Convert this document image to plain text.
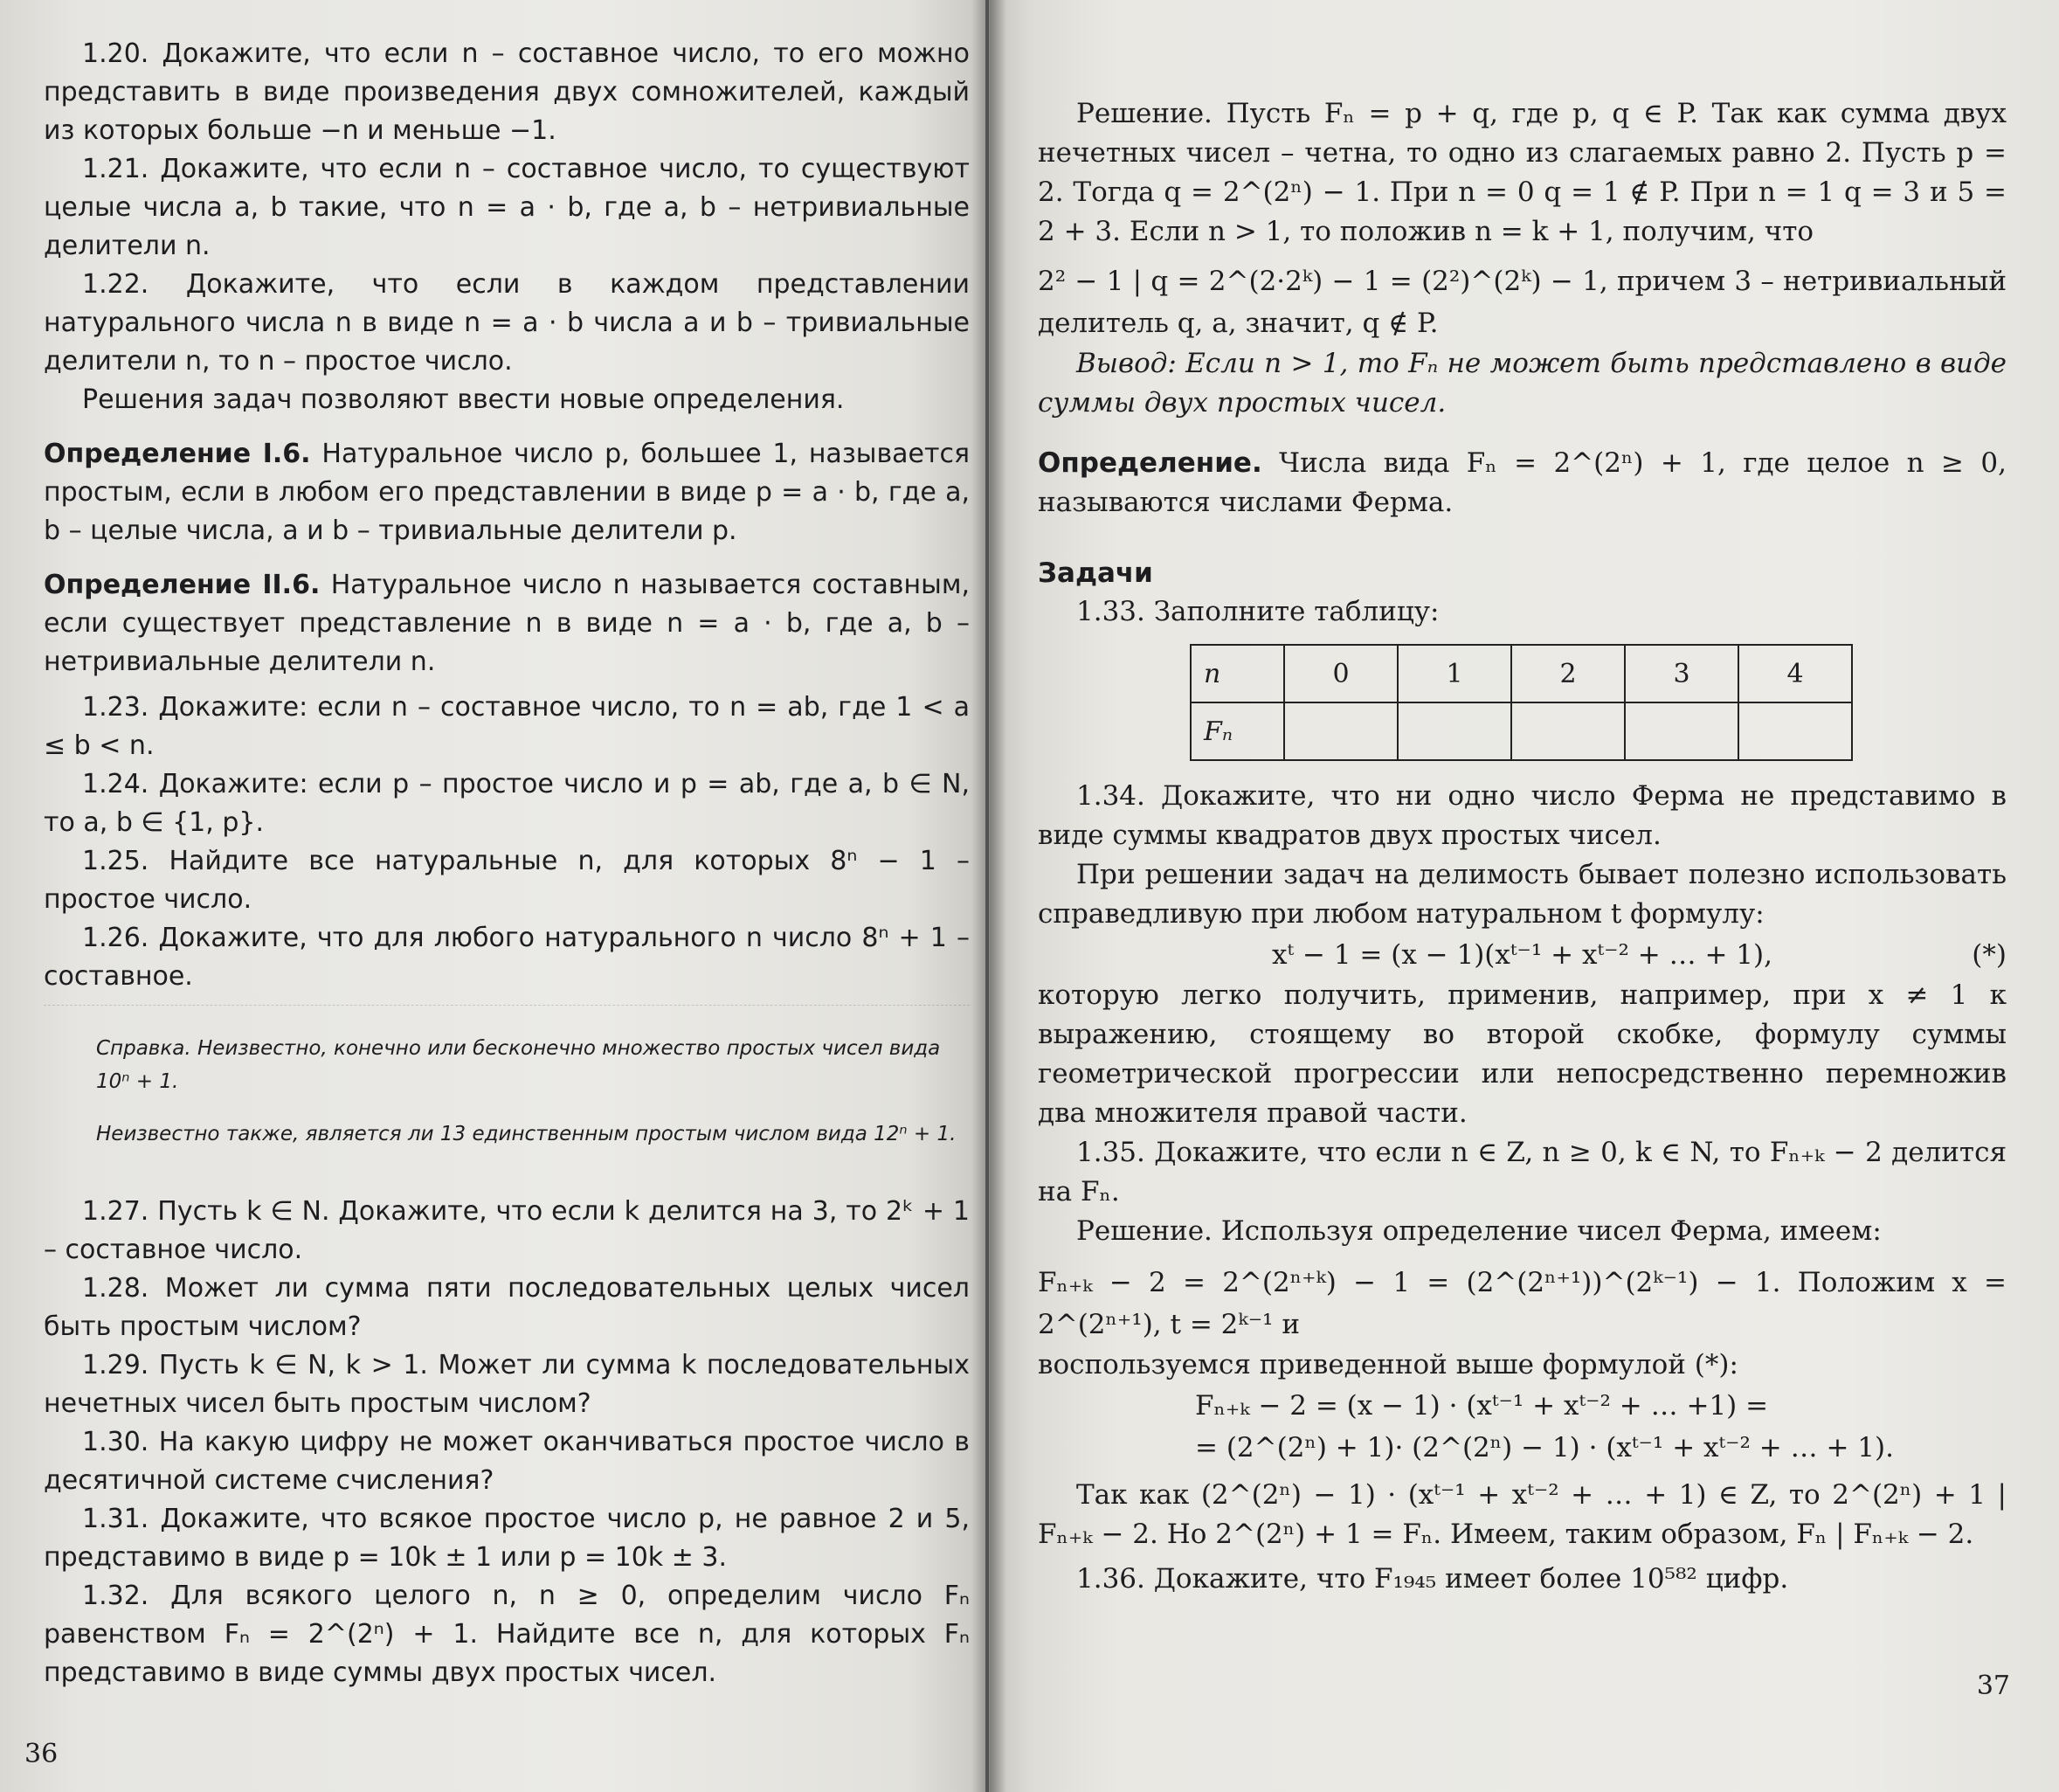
1.20. Докажите, что если n – составное число, то его можно представить в виде произведения двух сомножителей, каждый из которых больше −n и меньше −1.

1.21. Докажите, что если n – составное число, то существуют целые числа a, b такие, что n = a · b, где a, b – нетривиальные делители n.

1.22. Докажите, что если в каждом представлении натурального числа n в виде n = a · b числа a и b – тривиальные делители n, то n – простое число.

Решения задач позволяют ввести новые определения.

Определение I.6. Натуральное число p, большее 1, называется простым, если в любом его представлении в виде p = a · b, где a, b – целые числа, a и b – тривиальные делители p.

Определение II.6. Натуральное число n называется составным, если существует представление n в виде n = a · b, где a, b – нетривиальные делители n.

1.23. Докажите: если n – составное число, то n = ab, где 1 < a ≤ b < n.

1.24. Докажите: если p – простое число и p = ab, где a, b ∈ N, то a, b ∈ {1, p}.

1.25. Найдите все натуральные n, для которых 8ⁿ − 1 – простое число.

1.26. Докажите, что для любого натурального n число 8ⁿ + 1 – составное.

Справка. Неизвестно, конечно или бесконечно множество простых чисел вида 10ⁿ + 1.

Неизвестно также, является ли 13 единственным простым числом вида 12ⁿ + 1.

1.27. Пусть k ∈ N. Докажите, что если k делится на 3, то 2ᵏ + 1 – составное число.

1.28. Может ли сумма пяти последовательных целых чисел быть простым числом?

1.29. Пусть k ∈ N, k > 1. Может ли сумма k последовательных нечетных чисел быть простым числом?

1.30. На какую цифру не может оканчиваться простое число в десятичной системе счисления?

1.31. Докажите, что всякое простое число p, не равное 2 и 5, представимо в виде p = 10k ± 1 или p = 10k ± 3.

1.32. Для всякого целого n, n ≥ 0, определим число Fₙ равенством Fₙ = 2^(2ⁿ) + 1. Найдите все n, для которых Fₙ представимо в виде суммы двух простых чисел.

36

Решение. Пусть Fₙ = p + q, где p, q ∈ P. Так как сумма двух нечетных чисел – четна, то одно из слагаемых равно 2. Пусть p = 2. Тогда q = 2^(2ⁿ) − 1. При n = 0 q = 1 ∉ P. При n = 1 q = 3 и 5 = 2 + 3. Если n > 1, то положив n = k + 1, получим, что

2² − 1 | q = 2^(2·2ᵏ) − 1 = (2²)^(2ᵏ) − 1, причем 3 – нетривиальный делитель q, а, значит, q ∉ P.

Вывод: Если n > 1, то Fₙ не может быть представлено в виде суммы двух простых чисел.

Определение. Числа вида Fₙ = 2^(2ⁿ) + 1, где целое n ≥ 0, называются числами Ферма.

Задачи

1.33. Заполните таблицу:

n	0	1	2	3	4
Fₙ					

1.34. Докажите, что ни одно число Ферма не представимо в виде суммы квадратов двух простых чисел.

При решении задач на делимость бывает полезно использовать справедливую при любом натуральном t формулу:

xᵗ − 1 = (x − 1)(xᵗ⁻¹ + xᵗ⁻² + … + 1),	(*)

которую легко получить, применив, например, при x ≠ 1 к выражению, стоящему во второй скобке, формулу суммы геометрической прогрессии или непосредственно перемножив два множителя правой части.

1.35. Докажите, что если n ∈ Z, n ≥ 0, k ∈ N, то Fₙ₊ₖ − 2 делится на Fₙ.

Решение. Используя определение чисел Ферма, имеем:

Fₙ₊ₖ − 2 = 2^(2ⁿ⁺ᵏ) − 1 = (2^(2ⁿ⁺¹))^(2ᵏ⁻¹) − 1. Положим x = 2^(2ⁿ⁺¹), t = 2ᵏ⁻¹ и

воспользуемся приведенной выше формулой (*):

Fₙ₊ₖ − 2 = (x − 1) · (xᵗ⁻¹ + xᵗ⁻² + … +1) =

= (2^(2ⁿ) + 1)· (2^(2ⁿ) − 1) · (xᵗ⁻¹ + xᵗ⁻² + … + 1).

Так как (2^(2ⁿ) − 1) · (xᵗ⁻¹ + xᵗ⁻² + … + 1) ∈ Z, то 2^(2ⁿ) + 1 | Fₙ₊ₖ − 2. Но 2^(2ⁿ) + 1 = Fₙ. Имеем, таким образом, Fₙ | Fₙ₊ₖ − 2.

1.36. Докажите, что F₁₉₄₅ имеет более 10⁵⁸² цифр.

37
